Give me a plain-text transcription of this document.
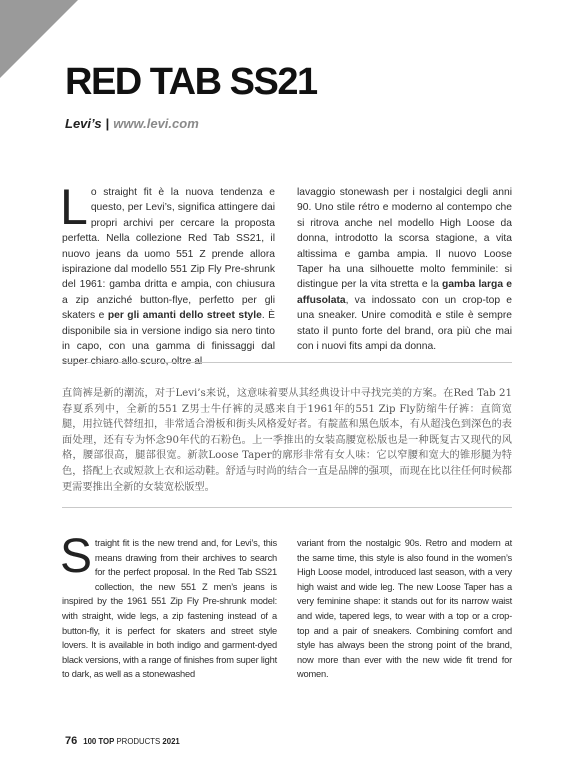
RED TAB SS21
Levi’s | www.levi.com

Lo straight fit è la nuova tendenza e questo, per Levi’s, significa attingere dai propri archivi per cercare la proposta perfetta. Nella collezione Red Tab SS21, il nuovo jeans da uomo 551 Z prende allora ispirazione dal modello 551 Zip Fly Pre-shrunk del 1961: gamba dritta e ampia, con chiusura a zip anziché button-flye, perfetto per gli skaters e per gli amanti dello street style. È disponibile sia in versione indigo sia nero tinto in capo, con una gamma di finissaggi dal super chiaro allo scuro, oltre al

lavaggio stonewash per i nostalgici degli anni 90. Uno stile rétro e moderno al contempo che si ritrova anche nel modello High Loose da donna, introdotto la scorsa stagione, a vita altissima e gamba ampia. Il nuovo Loose Taper ha una silhouette molto femminile: si distingue per la vita stretta e la gamba larga e affusolata, va indossato con un crop-top e una sneaker. Unire comodità e stile è sempre stato il punto forte del brand, ora più che mai con i nuovi fits ampi da donna.

直筒裤是新的潮流，对于Levi’s来说，这意味着要从其经典设计中寻找完美的方案。在Red Tab 21春夏系列中，全新的551 Z男士牛仔裤的灵感来自于1961年的551 Zip Fly防缩牛仔裤：直筒宽腿，用拉链代替纽扣，非常适合滑板和街头风格爱好者。有靛蓝和黑色版本，有从超浅色到深色的表面处理，还有专为怀念90年代的石粉色。上一季推出的女装高腰宽松版也是一种既复古又现代的风格，腰部很高，腿部很宽。新款Loose Taper的廓形非常有女人味：它以窄腰和宽大的锥形腿为特色，搭配上衣或短款上衣和运动鞋。舒适与时尚的结合一直是品牌的强项，而现在比以往任何时候都更需要推出全新的女装宽松版型。

Straight fit is the new trend and, for Levi’s, this means drawing from their archives to search for the perfect proposal. In the Red Tab SS21 collection, the new 551 Z men’s jeans is inspired by the 1961 551 Zip Fly Pre-shrunk model: with straight, wide legs, a zip fastening instead of a button-fly, it is perfect for skaters and street style lovers. It is available in both indigo and garment-dyed black versions, with a range of finishes from super light to dark, as well as a stonewashed

variant from the nostalgic 90s. Retro and modern at the same time, this style is also found in the women’s High Loose model, introduced last season, with a very high waist and wide leg. The new Loose Taper has a very feminine shape: it stands out for its narrow waist and wide, tapered legs, to wear with a top or a crop-top and a pair of sneakers. Combining comfort and style has always been the strong point of the brand, now more than ever with the new wide fit trend for women.

76 100 TOP PRODUCTS 2021
